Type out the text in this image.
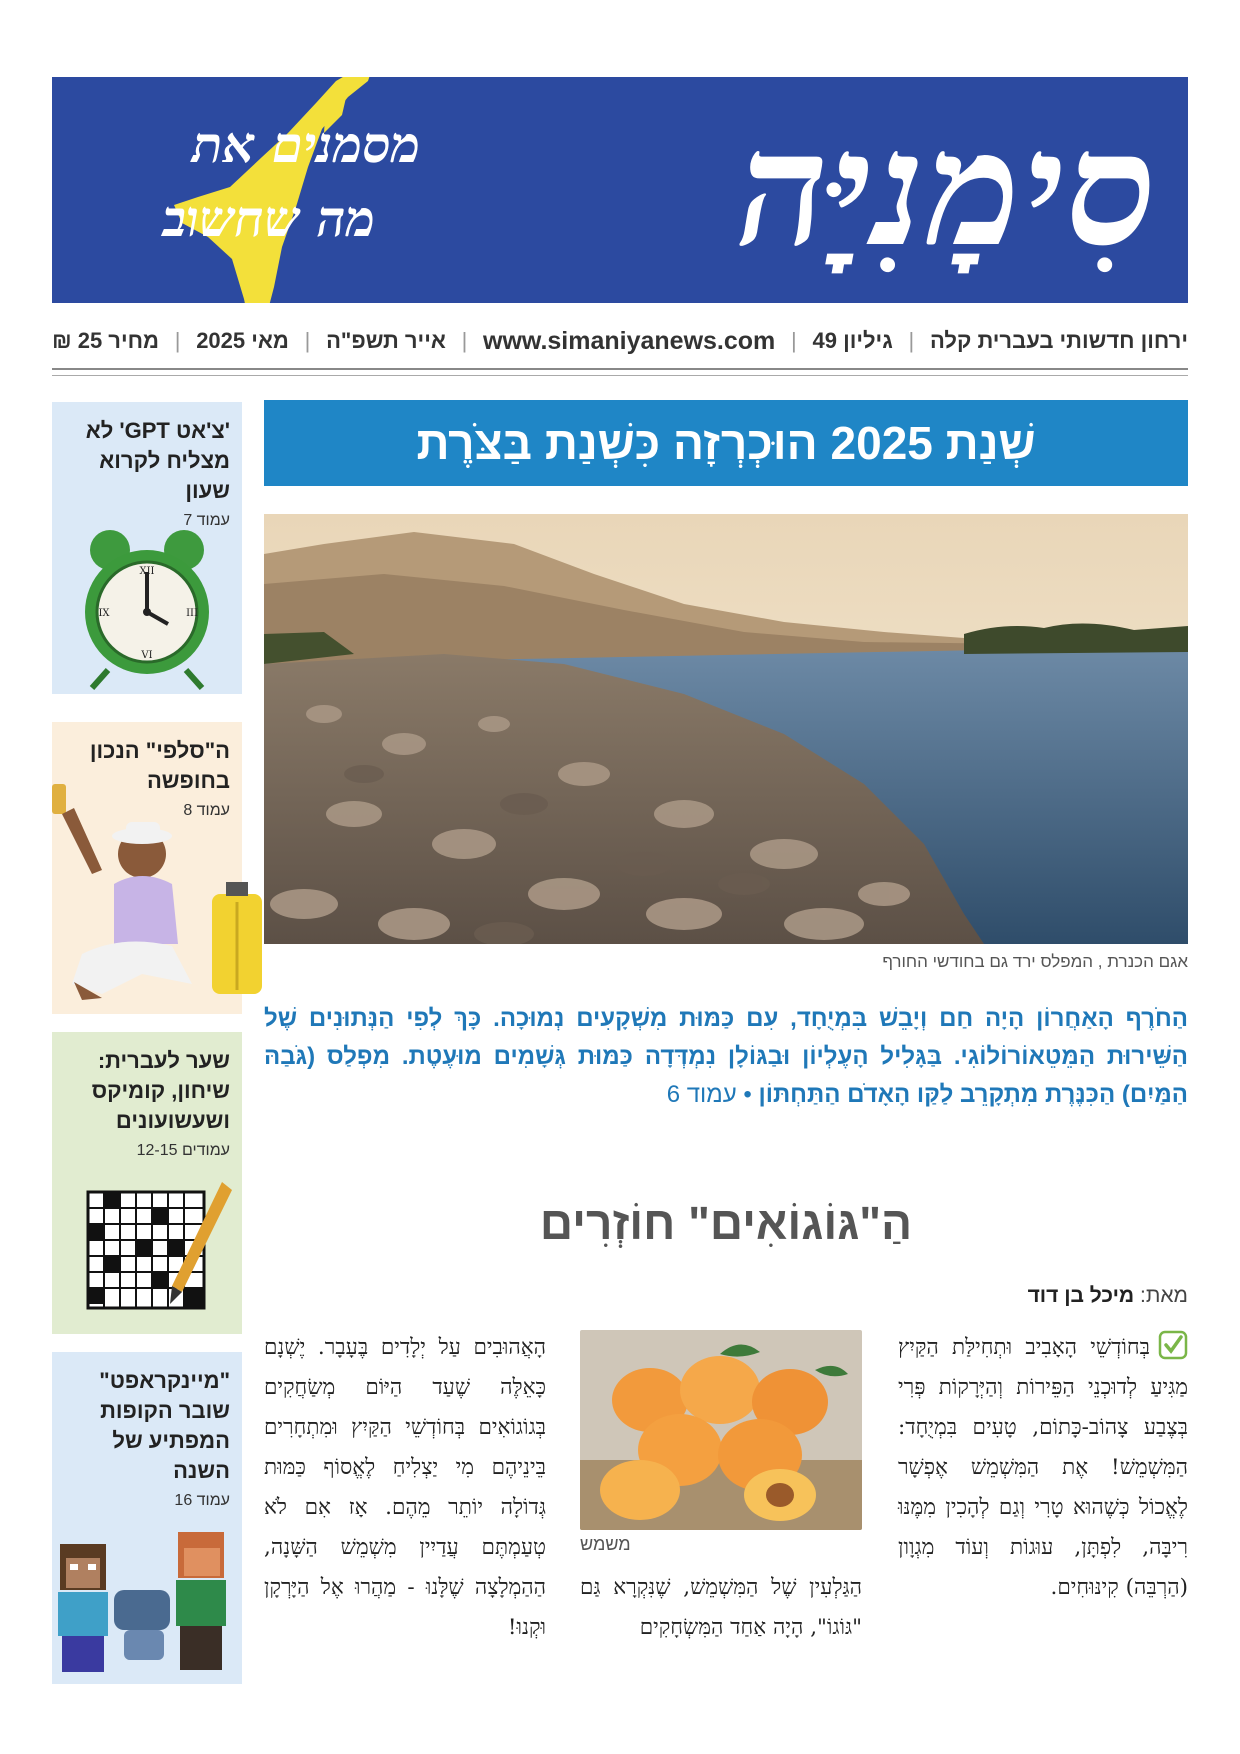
מסמנים את
מה שחשוב סִימָנִיָּה
ירחון חדשותי בעברית קלה
|
גיליון 49
|
www.simaniyanews.com
|
אייר תשפ"ה
|
מאי 2025
|
מחיר 25 ₪
'צ'אט GPT' לא מצליח לקרוא שעון
עמוד 7
XII
III
VI
IX
ה"סלפי" הנכון בחופשה
עמוד 8
שער לעברית: שיחון, קומיקס ושעשועונים
עמודים 12-15
"מיינקראפט" שובר הקופות המפתיע של השנה
עמוד 16
שְׁנַת 2025 הוּכְרְזָה כִּשְׁנַת בַּצֹּרֶת
אגם הכנרת , המפלס ירד גם בחודשי החורף
הַחֹרֶף הָאַחֲרוֹן הָיָה חַם וְיָבֵשׁ בִּמְיֻחָד, עִם כַּמּוּת מִשְׁקָעִים נְמוּכָה. כָּךְ לְפִי הַנְּתוּנִים שֶׁל הַשֵּׁירוּת הַמֵּטֵאוֹרוֹלוֹגִי. בַּגָּלִיל הָעֶלְיוֹן וּבַגּוֹלָן נִמְדְּדָה כַּמּוּת גְּשָׁמִים מוּעֶטֶת. מִפְלַס (גֹּבַהּ הַמַּיִם) הַכִּנֶּרֶת מִתְקָרֵב לַקַּו הָאָדֹם הַתַּחְתּוֹן • עמוד 6
הַ"גּוֹגוֹאִים" חוֹזְרִים
מאת: מיכל בן דוד
בְּחוֹדְשֵׁי הָאָבִיב וּתְחִילַּת הַקַּיִץ מַגִּיעַ לְדוּכְנֵי הַפֵּירוֹת וְהַיְּרָקוֹת פְּרִי בְּצֶבַע צָהוֹב-כָּתוֹם, טָעִים בִּמְיֻחָד: הַמִּשְׁמֵשׁ! אֶת הַמִּשְׁמֵשׁ אֶפְשָׁר לֶאֱכוֹל כְּשֶׁהוּא טָרִי וְגַם לְהָכִין מִמֶּנּוּ רִיבָּה, לִפְתָּן, עוּגוֹת וְעוֹד מִגְוָון (הַרְבֵּה) קִינּוּחִים.
משמש
הַגַּלְעִין שֶׁל הַמִּשְׁמֵשׁ, שֶׁנִּקְרָא גַּם "גּוֹגוֹ", הָיָה אַחַד הַמִּשְׂחָקִים
הָאֲהוּבִים עַל יְלָדִים בֶּעָבָר. יֶשְׁנָם כָּאֵלֶּה שֶׁעַד הַיּוֹם מְשַׂחֲקִים בְּגוֹגוֹאִים בְּחוֹדְשֵׁי הַקַּיִץ וּמִתְחָרִים בֵּינֵיהֶם מִי יַצְלִיחַ לֶאֱסוֹף כַּמּוּת גְּדוֹלָה יוֹתֵר מֵהֶם. אָז אִם לֹא טְעַמְתֶּם עֲדַיִין מִשְׁמֵשׁ הַשָּׁנָה, הַהַמְלָצָה שֶׁלָּנוּ - מַהֲרוּ אֶל הַיָּרְקָן וּקְנוּ!
